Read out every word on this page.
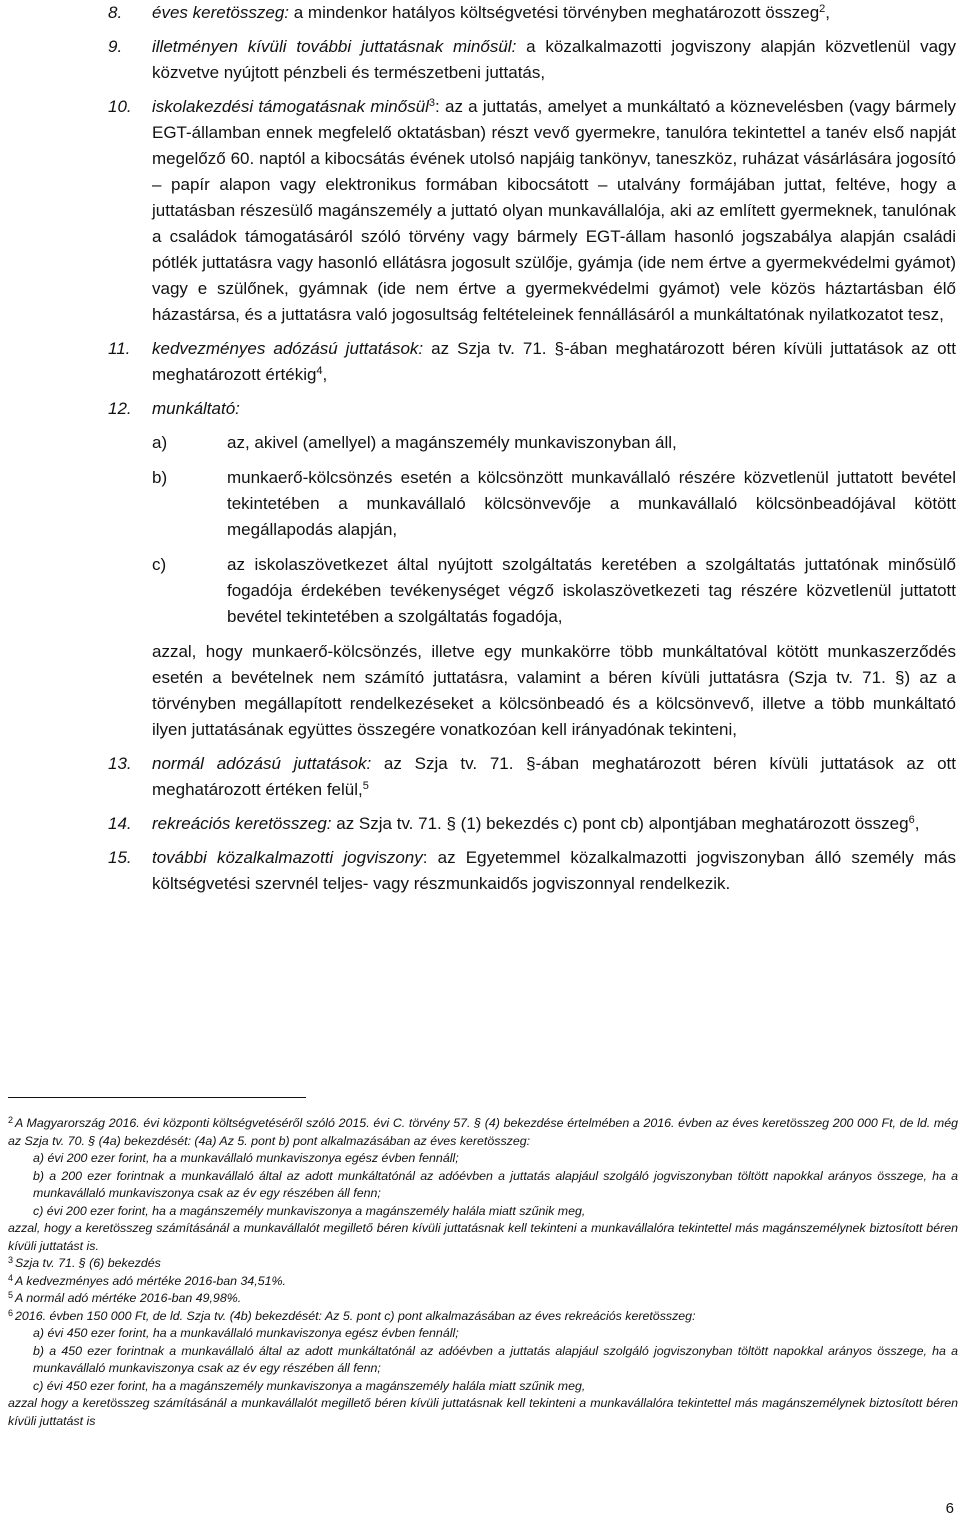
8. éves keretösszeg: a mindenkor hatályos költségvetési törvényben meghatározott összeg$^2$,
9. illetményen kívüli további juttatásnak minősül: a közalkalmazotti jogviszony alapján közvetlenül vagy közvetve nyújtott pénzbeli és természetbeni juttatás,
10. iskolakezdési támogatásnak minősül$^3$: az a juttatás, amelyet a munkáltató a köznevelésben (vagy bármely EGT-államban ennek megfelelő oktatásban) részt vevő gyermekre, tanulóra tekintettel a tanév első napját megelőző 60. naptól a kibocsátás évének utolsó napjáig tankönyv, taneszköz, ruházat vásárlására jogosító – papír alapon vagy elektronikus formában kibocsátott – utalvány formájában juttat, feltéve, hogy a juttatásban részesülő magánszemély a juttató olyan munkavállalója, aki az említett gyermeknek, tanulónak a családok támogatásáról szóló törvény vagy bármely EGT-állam hasonló jogszabálya alapján családi pótlék juttatásra vagy hasonló ellátásra jogosult szülője, gyámja (ide nem értve a gyermekvédelmi gyámot) vagy e szülőnek, gyámnak (ide nem értve a gyermekvédelmi gyámot) vele közös háztartásban élő házastársa, és a juttatásra való jogosultság feltételeinek fennállásáról a munkáltatónak nyilatkozatot tesz,
11. kedvezményes adózású juttatások: az Szja tv. 71. §-ában meghatározott béren kívüli juttatások az ott meghatározott értékig$^4$,
12. munkáltató:
a)	az, akivel (amellyel) a magánszemély munkaviszonyban áll,
b)	munkaerő-kölcsönzés esetén a kölcsönzött munkavállaló részére közvetlenül juttatott bevétel tekintetében a munkavállaló kölcsönvevője a munkavállaló kölcsönbeadójával kötött megállapodás alapján,
c)	az iskolaszövetkezet által nyújtott szolgáltatás keretében a szolgáltatás juttatónak minősülő fogadója érdekében tevékenységet végző iskolaszövetkezeti tag részére közvetlenül juttatott bevétel tekintetében a szolgáltatás fogadója,
azzal, hogy munkaerő-kölcsönzés, illetve egy munkakörre több munkáltatóval kötött munkaszerződés esetén a bevételnek nem számító juttatásra, valamint a béren kívüli juttatásra (Szja tv. 71. §) az a törvényben megállapított rendelkezéseket a kölcsönbeadó és a kölcsönvevő, illetve a több munkáltató ilyen juttatásának együttes összegére vonatkozóan kell irányadónak tekinteni,
13. normál adózású juttatások: az Szja tv. 71. §-ában meghatározott béren kívüli juttatások az ott meghatározott értéken felül,$^5$
14. rekreációs keretösszeg: az Szja tv. 71. § (1) bekezdés c) pont cb) alpontjában meghatározott összeg$^6$,
15. további közalkalmazotti jogviszony: az Egyetemmel közalkalmazotti jogviszonyban álló személy más költségvetési szervnél teljes- vagy részmunkaidős jogviszonnyal rendelkezik.

$^2$ A Magyarország 2016. évi központi költségvetéséről szóló 2015. évi C. törvény 57. § (4) bekezdése értelmében a 2016. évben az éves keretösszeg 200 000 Ft, de ld. még az Szja tv. 70. § (4a) bekezdését: (4a) Az 5. pont b) pont alkalmazásában az éves keretösszeg:

a) évi 200 ezer forint, ha a munkavállaló munkaviszonya egész évben fennáll;

b) a 200 ezer forintnak a munkavállaló által az adott munkáltatónál az adóévben a juttatás alapjául szolgáló jogviszonyban töltött napokkal arányos összege, ha a munkavállaló munkaviszonya csak az év egy részében áll fenn;

c) évi 200 ezer forint, ha a magánszemély munkaviszonya a magánszemély halála miatt szűnik meg,

azzal, hogy a keretösszeg számításánál a munkavállalót megillető béren kívüli juttatásnak kell tekinteni a munkavállalóra tekintettel más magánszemélynek biztosított béren kívüli juttatást is.

$^3$ Szja tv. 71. § (6) bekezdés

$^4$ A kedvezményes adó mértéke 2016-ban 34,51%.

$^5$ A normál adó mértéke 2016-ban 49,98%.

$^6$ 2016. évben 150 000 Ft, de ld. Szja tv. (4b) bekezdését: Az 5. pont c) pont alkalmazásában az éves rekreációs keretösszeg:

a) évi 450 ezer forint, ha a munkavállaló munkaviszonya egész évben fennáll;

b) a 450 ezer forintnak a munkavállaló által az adott munkáltatónál az adóévben a juttatás alapjául szolgáló jogviszonyban töltött napokkal arányos összege, ha a munkavállaló munkaviszonya csak az év egy részében áll fenn;

c) évi 450 ezer forint, ha a magánszemély munkaviszonya a magánszemély halála miatt szűnik meg,

azzal hogy a keretösszeg számításánál a munkavállalót megillető béren kívüli juttatásnak kell tekinteni a munkavállalóra tekintettel más magánszemélynek biztosított béren kívüli juttatást is

6
